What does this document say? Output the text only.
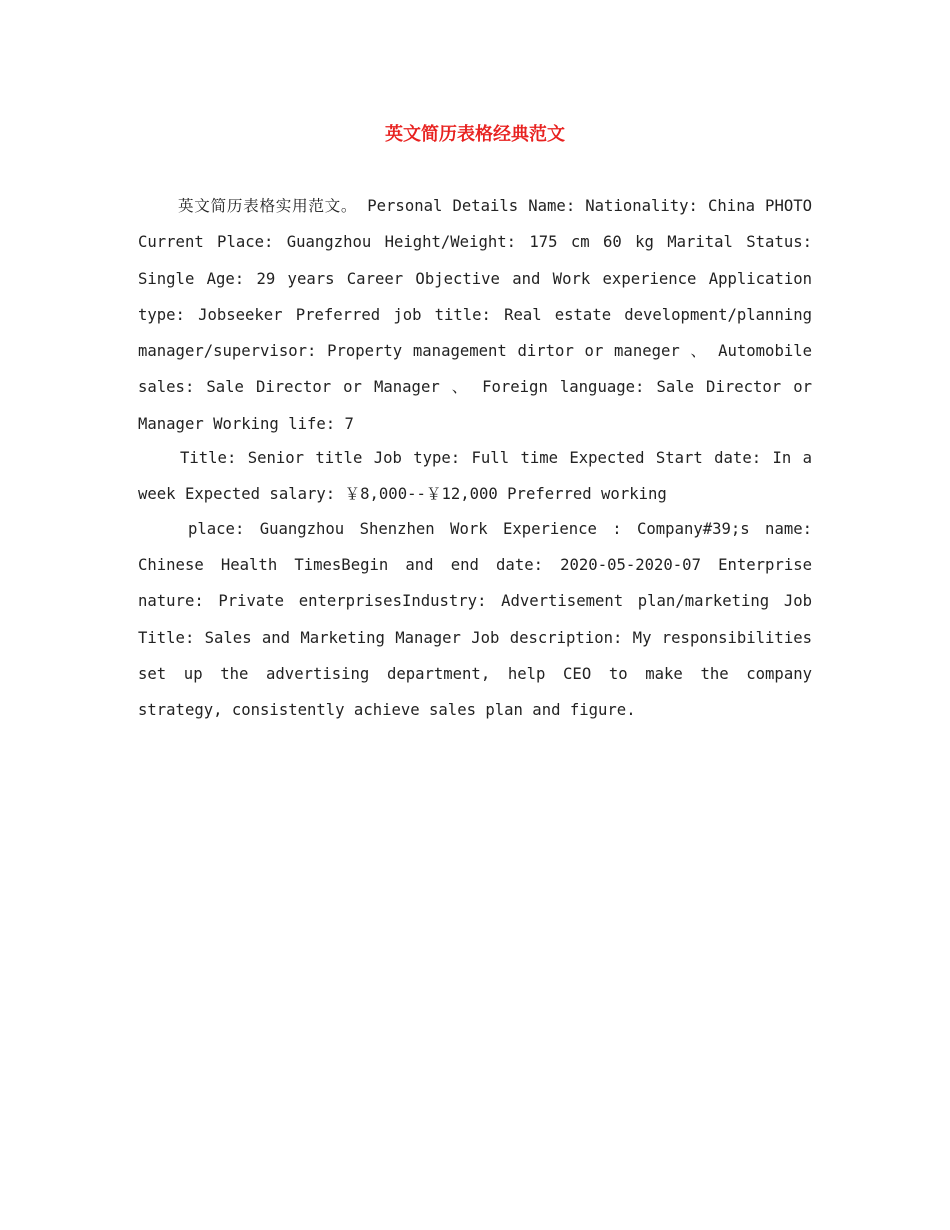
英文简历表格经典范文

英文简历表格实用范文。 Personal Details Name: Nationality: China PHOTO Current Place: Guangzhou Height/Weight: 175 cm 60 kg Marital Status: Single Age: 29 years Career Objective and Work experience Application type: Jobseeker Preferred job title: Real estate development/planning manager/supervisor: Property management dirtor or maneger 、 Automobile sales: Sale Director or Manager 、 Foreign language: Sale Director or Manager Working life: 7

Title: Senior title Job type: Full time Expected Start date: In a week Expected salary: ￥8,000--￥12,000 Preferred working

place: Guangzhou Shenzhen Work Experience : Company#39;s name: Chinese Health TimesBegin and end date: 2020-05-2020-07 Enterprise nature: Private enterprisesIndustry: Advertisement plan/marketing Job Title: Sales and Marketing Manager Job description: My responsibilities set up the advertising department, help CEO to make the company strategy, consistently achieve sales plan and figure.
